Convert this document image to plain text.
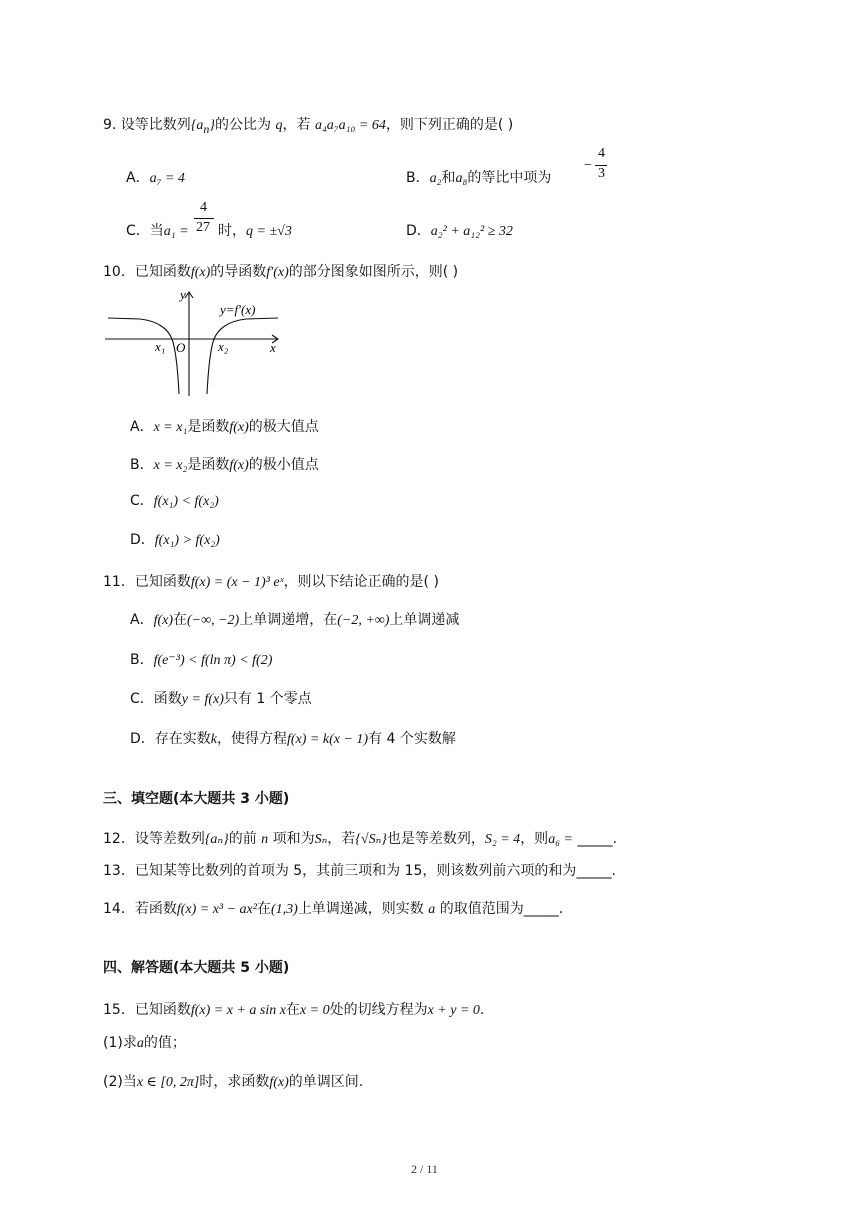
9. 设等比数列$\{a_n\}$的公比为 q，若 a₄a₇a₁₀ = 64，则下列正确的是( )
A．a₇ = 4	B．a₂和a₈的等比中项为
−
4
3
C．当a₁ =
4
27 时，q = ±√3	D．a₂² + a₁₂² ≥ 32
10．已知函数f(x)的导函数f′(x)的部分图象如图所示，则( )
y
y=f′(x)
x
O
x₁	x₂
A．x = x₁是函数f(x)的极大值点
B．x = x₂是函数f(x)的极小值点
C．f(x₁) < f(x₂)
D．f(x₁) > f(x₂)
11．已知函数f(x) = (x − 1)³ eˣ，则以下结论正确的是( )
A．f(x)在(−∞, −2)上单调递增，在(−2, +∞)上单调递减
B．f(e⁻³) < f(ln π) < f(2)
C．函数y = f(x)只有 1 个零点
D．存在实数k，使得方程f(x) = k(x − 1)有 4 个实数解
三、填空题(本大题共 3 小题)
12．设等差数列{aₙ}的前 n 项和为Sₙ，若{√Sₙ}也是等差数列，S₂ = 4，则a₆ = _____.
13．已知某等比数列的首项为 5，其前三项和为 15，则该数列前六项的和为_____.
14．若函数f(x) = x³ − ax²在(1,3)上单调递减，则实数 a 的取值范围为_____.
四、解答题(本大题共 5 小题)
15．已知函数f(x) = x + a sin x在x = 0处的切线方程为x + y = 0.
(1)求a的值；
(2)当x ∈ [0, 2π]时，求函数f(x)的单调区间.
2 / 11
